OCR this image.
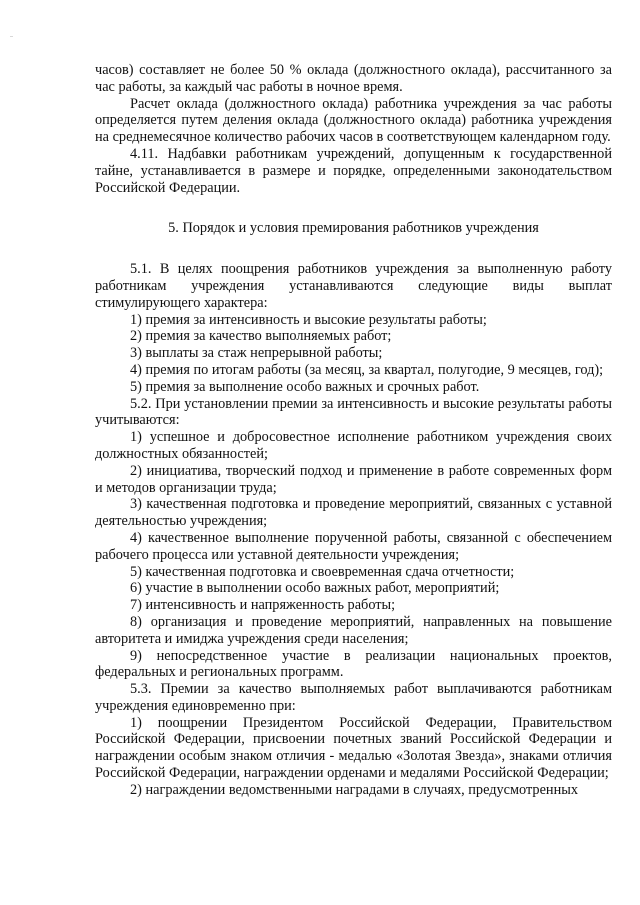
часов) составляет не более 50 % оклада (должностного оклада), рассчитанного за час работы, за каждый час работы в ночное время.

Расчет оклада (должностного оклада) работника учреждения за час работы определяется путем деления оклада (должностного оклада) работника учреждения на среднемесячное количество рабочих часов в соответствующем календарном году.

4.11. Надбавки работникам учреждений, допущенным к государственной тайне, устанавливается в размере и порядке, определенными законодательством Российской Федерации.

5. Порядок и условия премирования работников учреждения

5.1. В целях поощрения работников учреждения за выполненную работу работникам учреждения устанавливаются следующие виды выплат стимулирующего характера:

1) премия за интенсивность и высокие результаты работы;

2) премия за качество выполняемых работ;

3) выплаты за стаж непрерывной работы;

4) премия по итогам работы (за месяц, за квартал, полугодие, 9 месяцев, год);

5) премия за выполнение особо важных и срочных работ.

5.2. При установлении премии за интенсивность и высокие результаты работы учитываются:

1) успешное и добросовестное исполнение работником учреждения своих должностных обязанностей;

2) инициатива, творческий подход и применение в работе современных форм и методов организации труда;

3) качественная подготовка и проведение мероприятий, связанных с уставной деятельностью учреждения;

4) качественное выполнение порученной работы, связанной с обеспечением рабочего процесса или уставной деятельности учреждения;

5) качественная подготовка и своевременная сдача отчетности;

6) участие в выполнении особо важных работ, мероприятий;

7) интенсивность и напряженность работы;

8) организация и проведение мероприятий, направленных на повышение авторитета и имиджа учреждения среди населения;

9) непосредственное участие в реализации национальных проектов, федеральных и региональных программ.

5.3. Премии за качество выполняемых работ выплачиваются работникам учреждения единовременно при:

1) поощрении Президентом Российской Федерации, Правительством Российской Федерации, присвоении почетных званий Российской Федерации и награждении особым знаком отличия - медалью «Золотая Звезда», знаками отличия Российской Федерации, награждении орденами и медалями Российской Федерации;

2) награждении ведомственными наградами в случаях, предусмотренных
